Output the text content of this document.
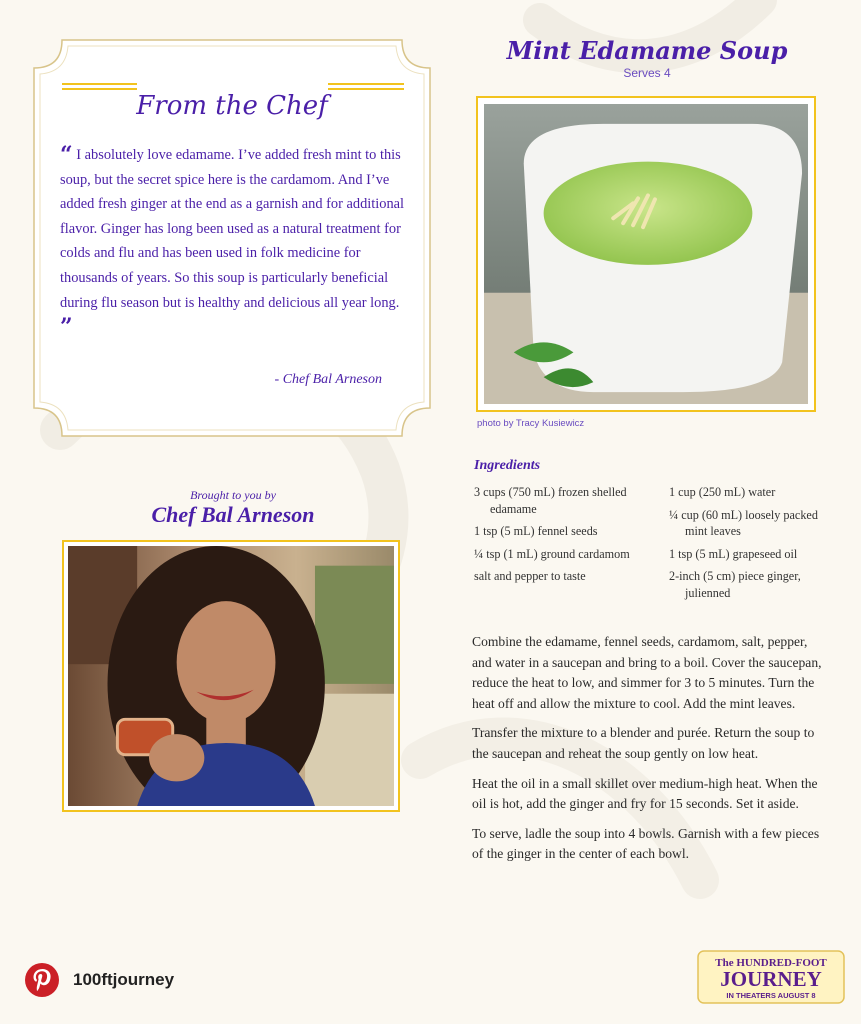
From the Chef
“ I absolutely love edamame. I’ve added fresh mint to this soup, but the secret spice here is the cardamom. And I’ve added fresh ginger at the end as a garnish and for additional flavor. Ginger has long been used as a natural treatment for colds and flu and has been used in folk medicine for thousands of years. So this soup is particularly beneficial during flu season but is healthy and delicious all year long. ”
- Chef Bal Arneson
Brought to you by
Chef Bal Arneson
Mint Edamame Soup
Serves 4
photo by Tracy Kusiewicz
Ingredients
3 cups (750 mL) frozen shelled edamame
1 tsp (5 mL) fennel seeds
¼ tsp (1 mL) ground cardamom
salt and pepper to taste
1 cup (250 mL) water
¼ cup (60 mL) loosely packed mint leaves
1 tsp (5 mL) grapeseed oil
2-inch (5 cm) piece ginger, julienned

Combine the edamame, fennel seeds, cardamom, salt, pepper, and water in a saucepan and bring to a boil. Cover the saucepan, reduce the heat to low, and simmer for 3 to 5 minutes. Turn the heat off and allow the mixture to cool. Add the mint leaves.

Transfer the mixture to a blender and purée. Return the soup to the saucepan and reheat the soup gently on low heat.

Heat the oil in a small skillet over medium-high heat. When the oil is hot, add the ginger and fry for 15 seconds. Set it aside.

To serve, ladle the soup into 4 bowls. Garnish with a few pieces of the ginger in the center of each bowl.

100ftjourney
The HUNDRED-FOOT
JOURNEY
IN THEATERS AUGUST 8
